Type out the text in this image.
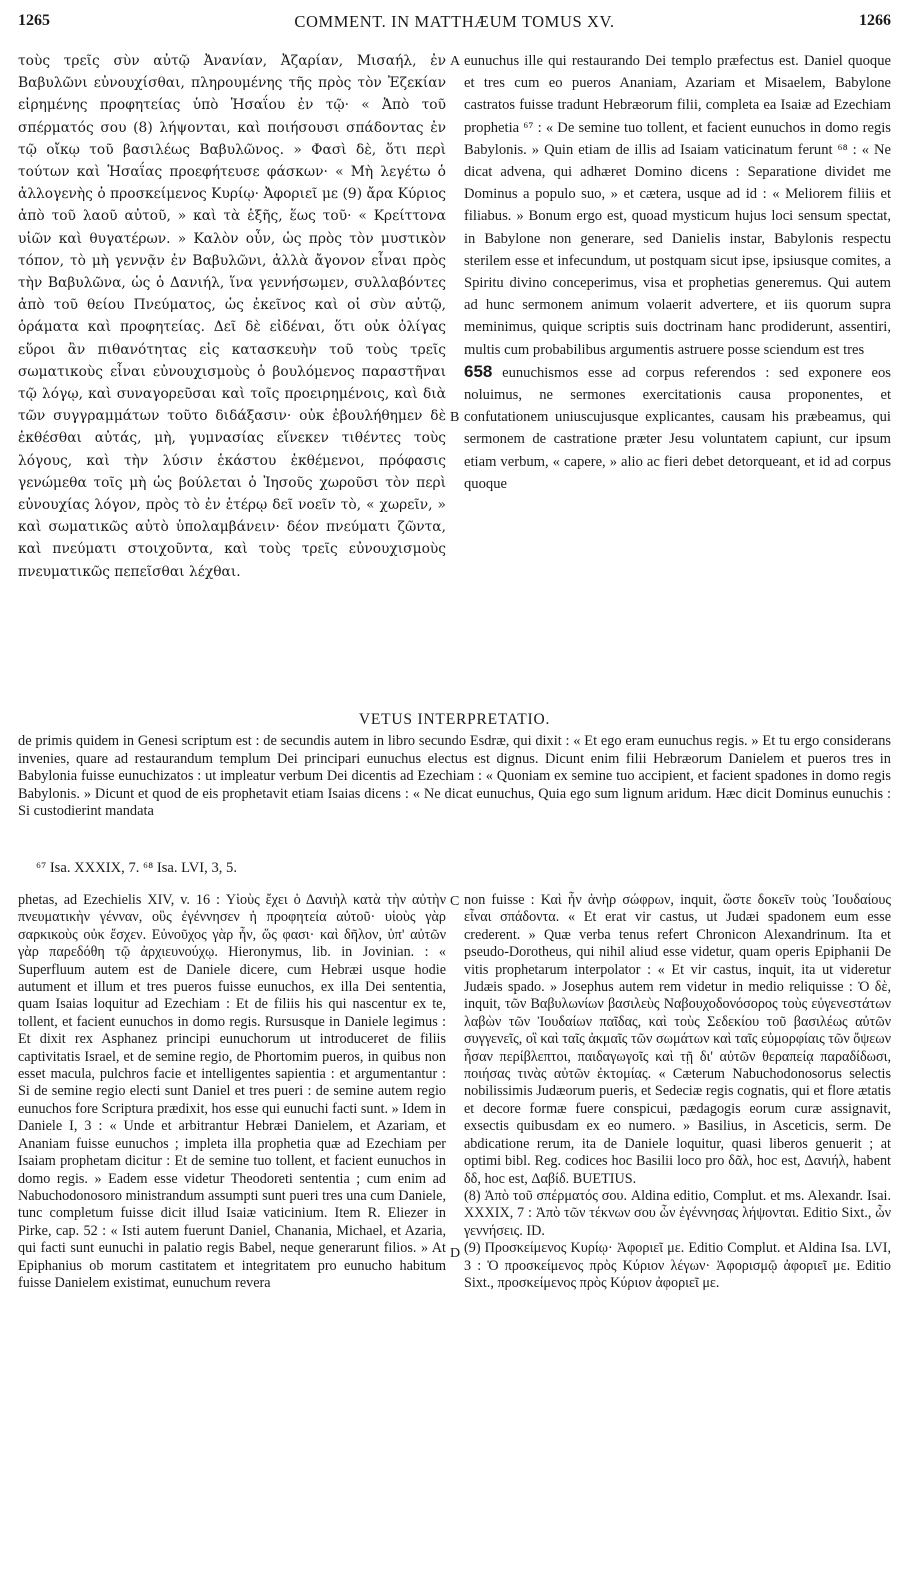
1265	COMMENT. IN MATTHÆUM TOMUS XV.	1266

τοὺς τρεῖς σὺν αὐτῷ Ἀνανίαν, Ἀζαρίαν, Μισαήλ, ἐν Βαβυλῶνι εὐνουχίσθαι, πληρουμένης τῆς πρὸς τὸν Ἐζεκίαν εἰρημένης προφητείας ὑπὸ Ἡσαΐου ἐν τῷ· « Ἀπὸ τοῦ σπέρματός σου (8) λήψονται, καὶ ποιήσουσι σπάδοντας ἐν τῷ οἴκῳ τοῦ βασιλέως Βαβυλῶνος. » Φασὶ δὲ, ὅτι περὶ τούτων καὶ Ἡσαΐας προεφήτευσε φάσκων· « Μὴ λεγέτω ὁ ἀλλογενὴς ὁ προσκείμενος Κυρίῳ· Ἀφοριεῖ με (9) ἄρα Κύριος ἀπὸ τοῦ λαοῦ αὐτοῦ, » καὶ τὰ ἑξῆς, ἕως τοῦ· « Κρείττονα υἱῶν καὶ θυγατέρων. » Καλὸν οὖν, ὡς πρὸς τὸν μυστικὸν τόπον, τὸ μὴ γεννᾷν ἐν Βαβυλῶνι, ἀλλὰ ἄγονον εἶναι πρὸς τὴν Βαβυλῶνα, ὡς ὁ Δανιήλ, ἵνα γεννήσωμεν, συλλαβόντες ἀπὸ τοῦ θείου Πνεύματος, ὡς ἐκεῖνος καὶ οἱ σὺν αὐτῷ, ὁράματα καὶ προφητείας. Δεῖ δὲ εἰδέναι, ὅτι οὐκ ὀλίγας εὕροι ἂν πιθανότητας εἰς κατασκευὴν τοῦ τοὺς τρεῖς σωματικοὺς εἶναι εὐνουχισμοὺς ὁ βουλόμενος παραστῆναι τῷ λόγῳ, καὶ συναγορεῦσαι καὶ τοῖς προειρημένοις, καὶ διὰ τῶν συγγραμμάτων τοῦτο διδάξασιν· οὐκ ἐβουλήθημεν δὲ ἐκθέσθαι αὐτάς, μὴ, γυμνασίας εἵνεκεν τιθέντες τοὺς λόγους, καὶ τὴν λύσιν ἑκάστου ἐκθέμενοι, πρόφασις γενώμεθα τοῖς μὴ ὡς βούλεται ὁ Ἰησοῦς χωροῦσι τὸν περὶ εὐνουχίας λόγον, πρὸς τὸ ἐν ἑτέρῳ δεῖ νοεῖν τὸ, « χωρεῖν, » καὶ σωματικῶς αὐτὸ ὑπολαμβάνειν· δέον πνεύματι ζῶντα, καὶ πνεύματι στοιχοῦντα, καὶ τοὺς τρεῖς εὐνουχισμοὺς πνευματικῶς πεπεῖσθαι λέχθαι.

A
B

eunuchus ille qui restaurando Dei templo præfectus est. Daniel quoque et tres cum eo pueros Ananiam, Azariam et Misaelem, Babylone castratos fuisse tradunt Hebræorum filii, completa ea Isaiæ ad Ezechiam prophetia ⁶⁷ : « De semine tuo tollent, et facient eunuchos in domo regis Babylonis. » Quin etiam de illis ad Isaiam vaticinatum ferunt ⁶⁸ : « Ne dicat advena, qui adhæret Domino dicens : Separatione dividet me Dominus a populo suo, » et cætera, usque ad id : « Meliorem filiis et filiabus. » Bonum ergo est, quoad mysticum hujus loci sensum spectat, in Babylone non generare, sed Danielis instar, Babylonis respectu sterilem esse et infecundum, ut postquam sicut ipse, ipsiusque comites, a Spiritu divino conceperimus, visa et prophetias generemus. Qui autem ad hunc sermonem animum volaerit advertere, et iis quorum supra meminimus, quique scriptis suis doctrinam hanc prodiderunt, assentiri, multis cum probabilibus argumentis astruere posse sciendum est tres

658 eunuchismos esse ad corpus referendos : sed exponere eos noluimus, ne sermones exercitationis causa proponentes, et confutationem uniuscujusque explicantes, causam his præbeamus, qui sermonem de castratione præter Jesu voluntatem capiunt, cur ipsum etiam verbum, « capere, » alio ac fieri debet detorqueant, et id ad corpus quoque

VETUS INTERPRETATIO.

de primis quidem in Genesi scriptum est : de secundis autem in libro secundo Esdræ, qui dixit : « Et ego eram eunuchus regis. » Et tu ergo considerans invenies, quare ad restaurandum templum Dei principari eunuchus electus est dignus. Dicunt enim filii Hebræorum Danielem et pueros tres in Babylonia fuisse eunuchizatos : ut impleatur verbum Dei dicentis ad Ezechiam : « Quoniam ex semine tuo accipient, et facient spadones in domo regis Babylonis. » Dicunt et quod de eis prophetavit etiam Isaias dicens : « Ne dicat eunuchus, Quia ego sum lignum aridum. Hæc dicit Dominus eunuchis : Si custodierint mandata

⁶⁷ Isa. XXXIX, 7. ⁶⁸ Isa. LVI, 3, 5.

phetas, ad Ezechielis XIV, v. 16 : Υἱοὺς ἔχει ὁ Δανιὴλ κατὰ τὴν αὐτὴν πνευματικὴν γένναν, οὓς ἐγέννησεν ἡ προφητεία αὐτοῦ· υἱοὺς γὰρ σαρκικοὺς οὐκ ἔσχεν. Εὐνοῦχος γὰρ ἦν, ὥς φασι· καὶ δῆλον, ὑπ' αὐτῶν γὰρ παρεδόθη τῷ ἀρχιευνούχῳ. Hieronymus, lib. in Jovinian. : « Superfluum autem est de Daniele dicere, cum Hebræi usque hodie autument et illum et tres pueros fuisse eunuchos, ex illa Dei sententia, quam Isaias loquitur ad Ezechiam : Et de filiis his qui nascentur ex te, tollent, et facient eunuchos in domo regis. Rursusque in Daniele legimus : Et dixit rex Asphanez principi eunuchorum ut introduceret de filiis captivitatis Israel, et de semine regio, de Phortomim pueros, in quibus non esset macula, pulchros facie et intelligentes sapientia : et argumentantur : Si de semine regio electi sunt Daniel et tres pueri : de semine autem regio eunuchos fore Scriptura prædixit, hos esse qui eunuchi facti sunt. » Idem in Daniele I, 3 : « Unde et arbitrantur Hebræi Danielem, et Azariam, et Ananiam fuisse eunuchos ; impleta illa prophetia quæ ad Ezechiam per Isaiam prophetam dicitur : Et de semine tuo tollent, et facient eunuchos in domo regis. » Eadem esse videtur Theodoreti sententia ; cum enim ad Nabuchodonosoro ministrandum assumpti sunt pueri tres una cum Daniele, tunc completum fuisse dicit illud Isaiæ vaticinium. Item R. Eliezer in Pirke, cap. 52 : « Isti autem fuerunt Daniel, Chanania, Michael, et Azaria, qui facti sunt eunuchi in palatio regis Babel, neque generarunt filios. » At Epiphanius ob morum castitatem et integritatem pro eunucho habitum fuisse Danielem existimat, eunuchum revera

C
D

non fuisse : Καὶ ἦν ἀνὴρ σώφρων, inquit, ὥστε δοκεῖν τοὺς Ἰουδαίους εἶναι σπάδοντα. « Et erat vir castus, ut Judæi spadonem eum esse crederent. » Quæ verba tenus refert Chronicon Alexandrinum. Ita et pseudo-Dorotheus, qui nihil aliud esse videtur, quam operis Epiphanii De vitis prophetarum interpolator : « Et vir castus, inquit, ita ut videretur Judæis spado. » Josephus autem rem videtur in medio reliquisse : Ὁ δὲ, inquit, τῶν Βαβυλωνίων βασιλεὺς Ναβουχοδονόσορος τοὺς εὐγενεστάτων λαβὼν τῶν Ἰουδαίων παῖδας, καὶ τοὺς Σεδεκίου τοῦ βασιλέως αὐτῶν συγγενεῖς, οἳ καὶ ταῖς ἀκμαῖς τῶν σωμάτων καὶ ταῖς εὐμορφίαις τῶν ὄψεων ἦσαν περίβλεπτοι, παιδαγωγοῖς καὶ τῇ δι' αὐτῶν θεραπείᾳ παραδίδωσι, ποιήσας τινὰς αὐτῶν ἐκτομίας. « Cæterum Nabuchodonosorus selectis nobilissimis Judæorum pueris, et Sedeciæ regis cognatis, qui et flore ætatis et decore formæ fuere conspicui, pædagogis eorum curæ assignavit, exsectis quibusdam ex eo numero. » Basilius, in Asceticis, serm. De abdicatione rerum, ita de Daniele loquitur, quasi liberos genuerit ; at optimi bibl. Reg. codices hoc Basilii loco pro δᾶλ, hoc est, Δανιήλ, habent δδ, hoc est, Δαβίδ. BUETIUS.

(8) Ἀπὸ τοῦ σπέρματός σου. Aldina editio, Complut. et ms. Alexandr. Isai. XXXIX, 7 : Ἀπὸ τῶν τέκνων σου ὧν ἐγέννησας λήψονται. Editio Sixt., ὧν γεννήσεις. ID.

(9) Προσκείμενος Κυρίῳ· Ἀφοριεῖ με. Editio Complut. et Aldina Isa. LVI, 3 : Ὁ προσκείμενος πρὸς Κύριον λέγων· Ἀφορισμῷ ἀφοριεῖ με. Editio Sixt., προσκείμενος πρὸς Κύριον ἀφοριεῖ με.
